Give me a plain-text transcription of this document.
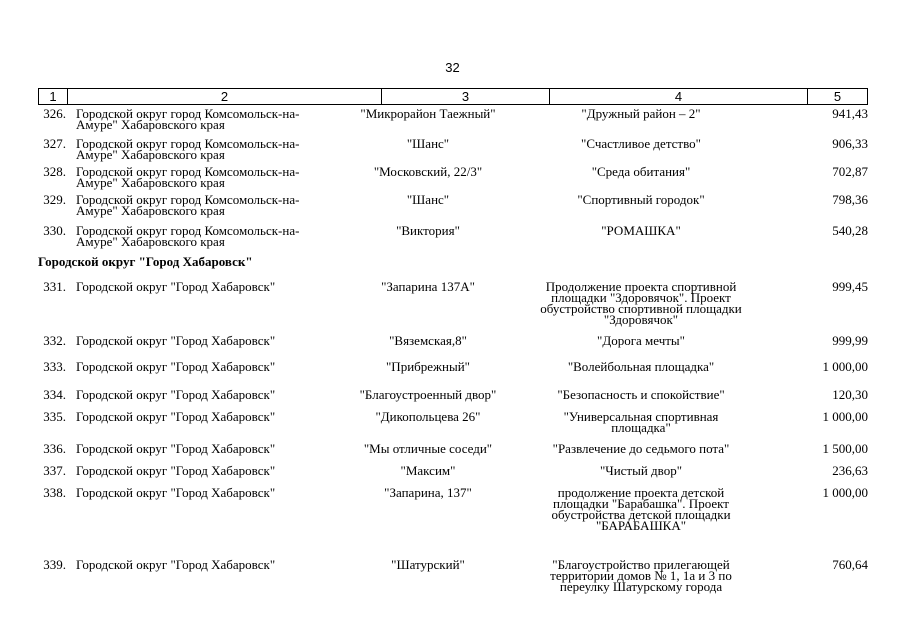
32
1	2	3	4	5
Городской округ "Город Хабаровск"
326. Городской округ город Комсомольск-на-
Амуре" Хабаровского края
"Микрорайон Таежный"	"Дружный район – 2"	941,43
327. Городской округ город Комсомольск-на-
Амуре" Хабаровского края
"Шанс"	"Счастливое детство"	906,33
328. Городской округ город Комсомольск-на-
Амуре" Хабаровского края
"Московский, 22/3"	"Среда обитания"	702,87
329. Городской округ город Комсомольск-на-
Амуре" Хабаровского края
"Шанс"	"Спортивный городок"	798,36
330. Городской округ город Комсомольск-на-
Амуре" Хабаровского края
"Виктория"	"РОМАШКА"	540,28
331. Городской округ "Город Хабаровск"	"Запарина 137А"	Продолжение проекта спортивной
площадки "Здоровячок". Проект
обустройство спортивной площадки
"Здоровячок"
999,45
332. Городской округ "Город Хабаровск"	"Вяземская,8"	"Дорога мечты"	999,99
333. Городской округ "Город Хабаровск"	"Прибрежный"	"Волейбольная площадка"	1 000,00
334. Городской округ "Город Хабаровск"	"Благоустроенный двор"	"Безопасность и спокойствие"	120,30
335. Городской округ "Город Хабаровск"	"Дикопольцева 26"	"Универсальная спортивная
площадка"
1 000,00
336. Городской округ "Город Хабаровск"	"Мы отличные соседи"	"Развлечение до седьмого пота"	1 500,00
337. Городской округ "Город Хабаровск"	"Максим"	"Чистый двор"	236,63
338. Городской округ "Город Хабаровск"	"Запарина, 137"	продолжение проекта детской
площадки "Барабашка". Проект
обустройства детской площадки
"БАРАБАШКА"
1 000,00
339. Городской округ "Город Хабаровск"	"Шатурский"	"Благоустройство прилегающей
территории домов № 1, 1а и 3 по
переулку Шатурскому города
760,64
